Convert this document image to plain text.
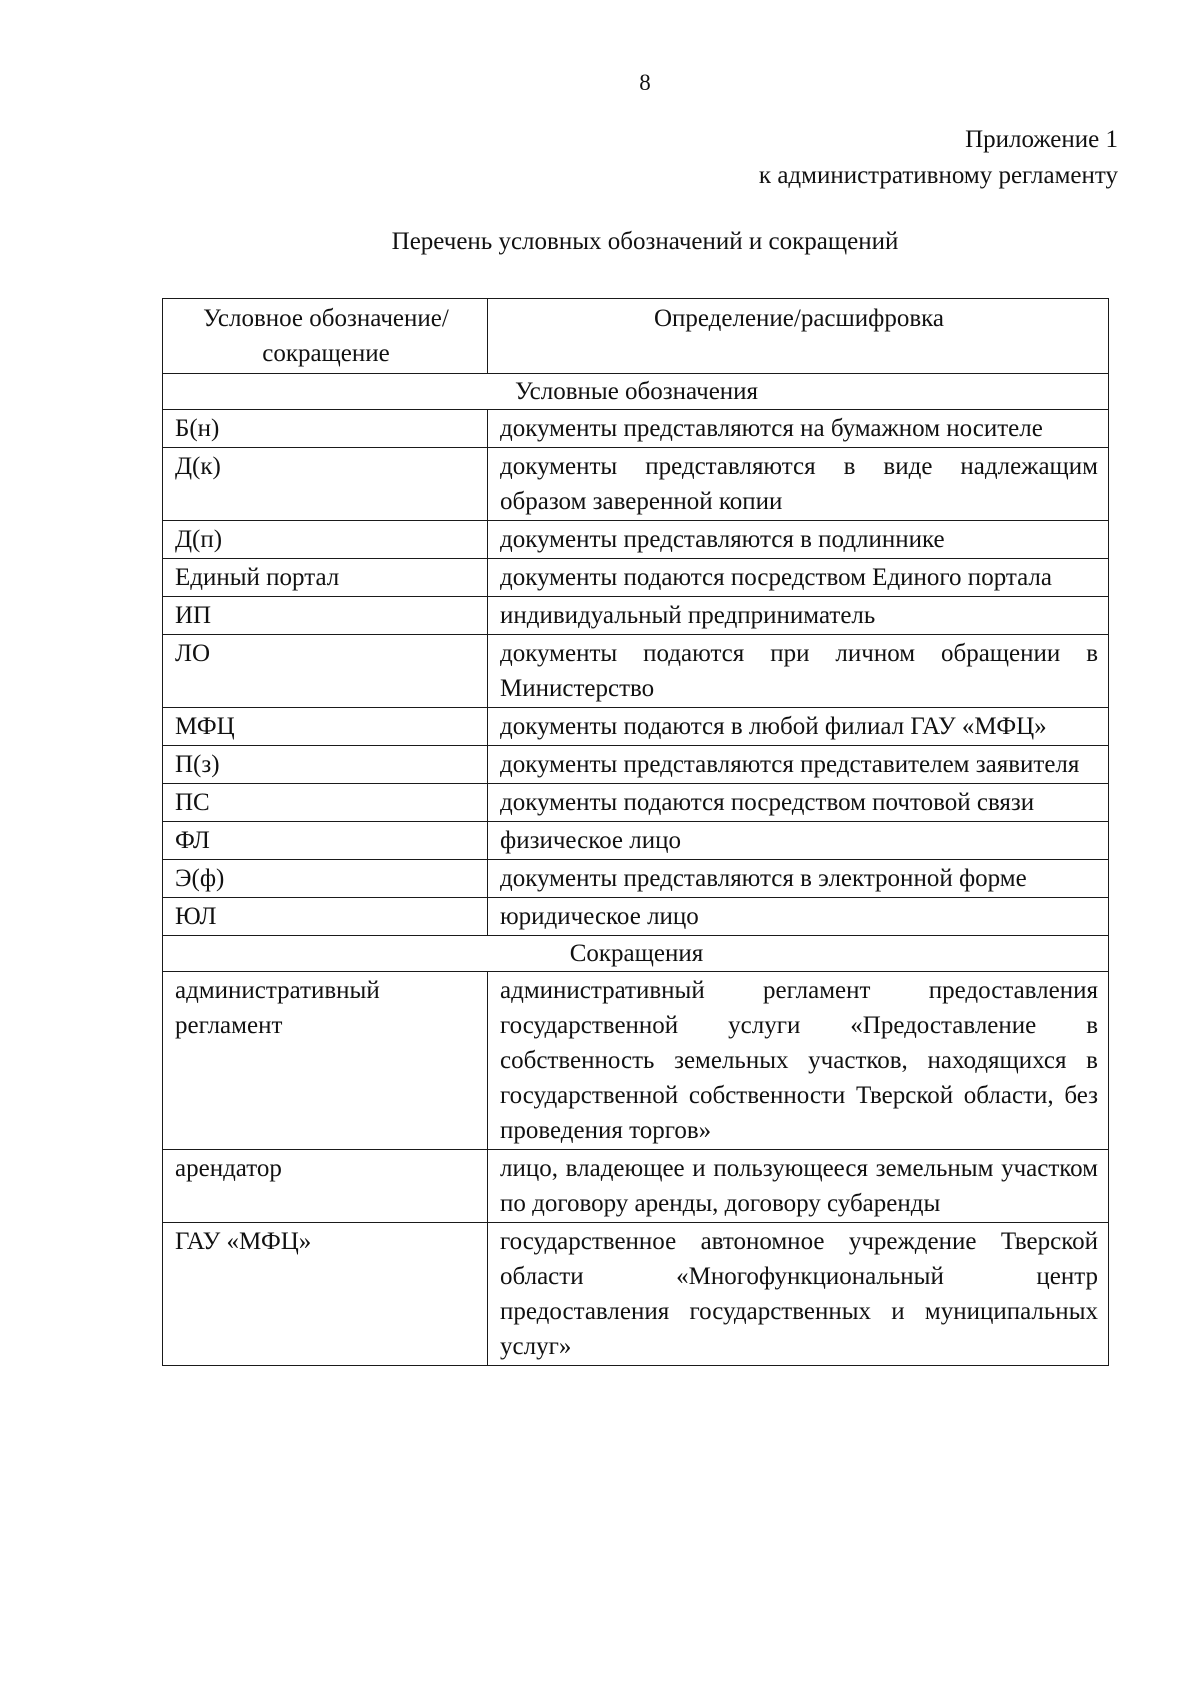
8
Приложение 1
к административному регламенту
Перечень условных обозначений и сокращений
Условное обозначение/сокращение	Определение/расшифровка
Условные обозначения	
Б(н)	документы представляются на бумажном носителе
Д(к)	документы представляются в виде надлежащим образом заверенной копии
Д(п)	документы представляются в подлиннике
Единый портал	документы подаются посредством Единого портала
ИП	индивидуальный предприниматель
ЛО	документы подаются при личном обращении в Министерство
МФЦ	документы подаются в любой филиал ГАУ «МФЦ»
П(з)	документы представляются представителем заявителя
ПС	документы подаются посредством почтовой связи
ФЛ	физическое лицо
Э(ф)	документы представляются в электронной форме
ЮЛ	юридическое лицо
Сокращения	
административный регламент	административный регламент предоставления государственной услуги «Предоставление в собственность земельных участков, находящихся в государственной собственности Тверской области, без проведения торгов»
арендатор	лицо, владеющее и пользующееся земельным участком по договору аренды, договору субаренды
ГАУ «МФЦ»	государственное автономное учреждение Тверской области «Многофункциональный центр предоставления государственных и муниципальных услуг»
